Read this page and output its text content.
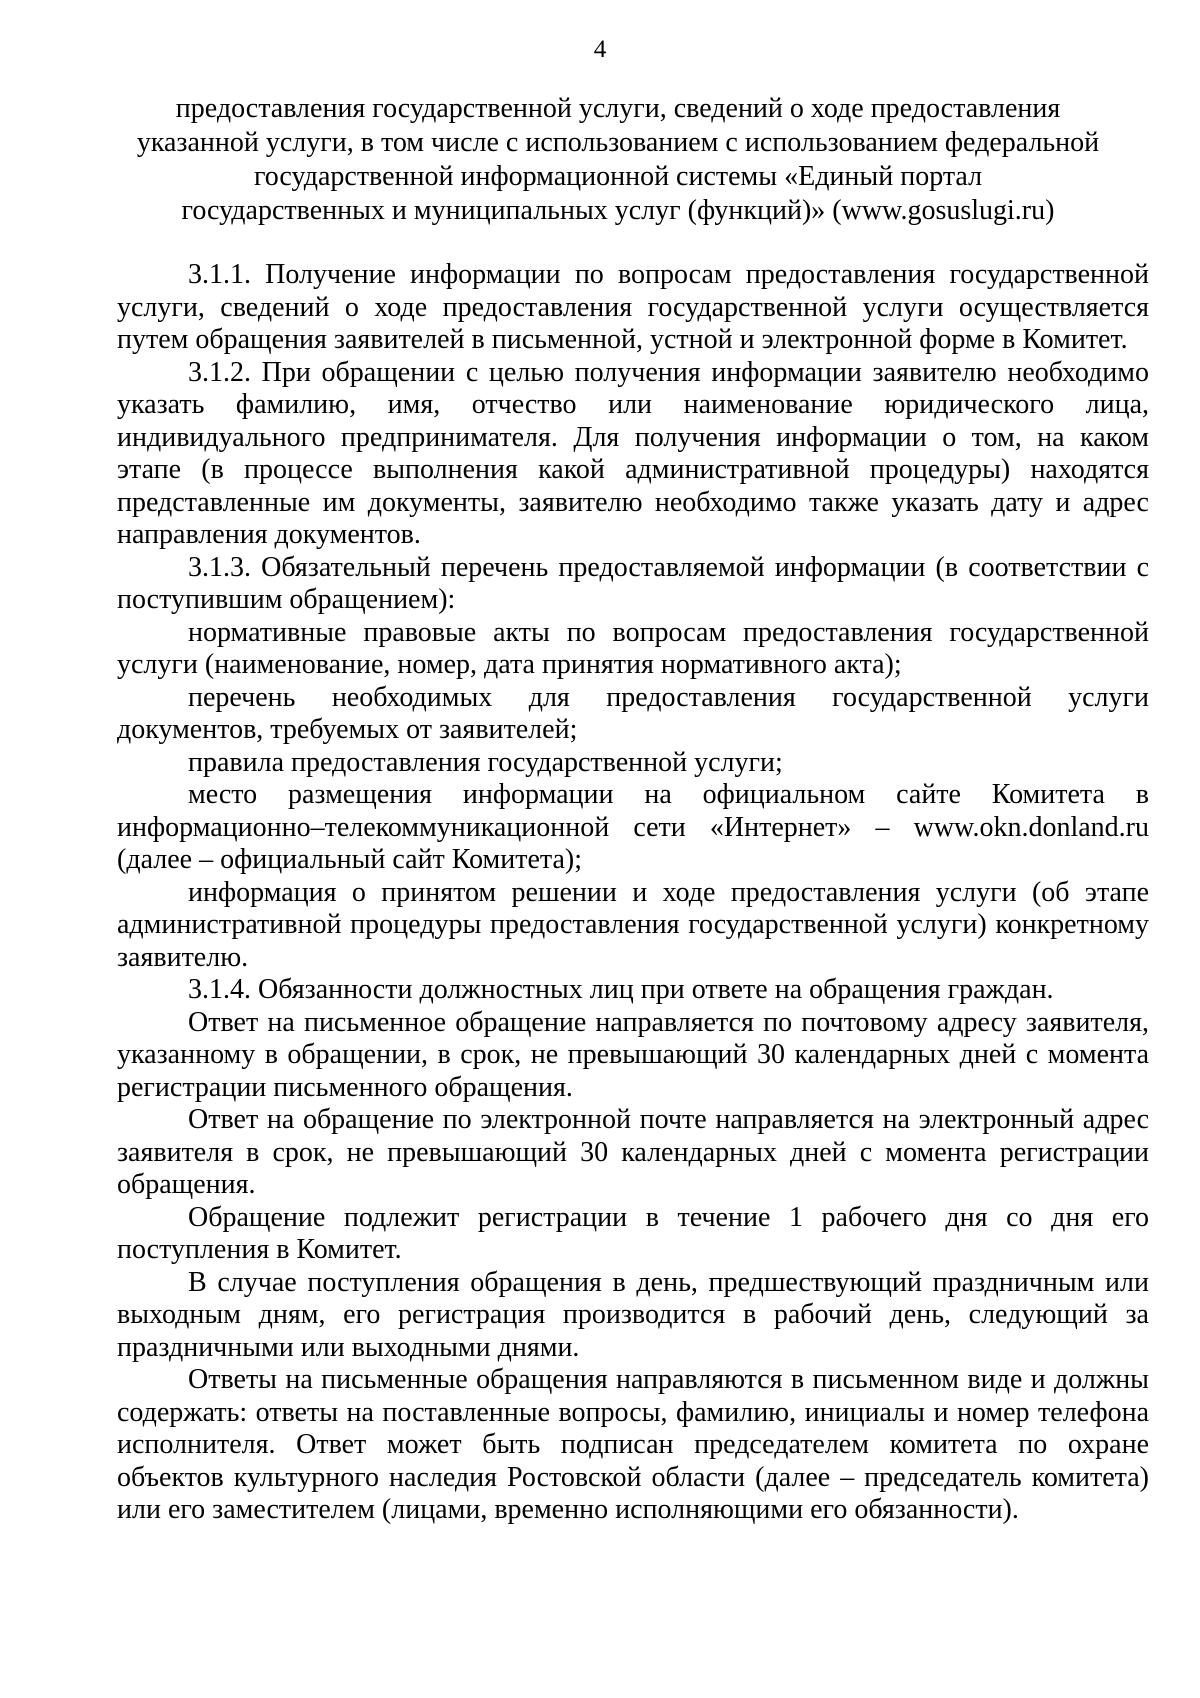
4
предоставления государственной услуги, сведений о ходе предоставления
указанной услуги, в том числе с использованием с использованием федеральной
государственной информационной системы «Единый портал
государственных и муниципальных услуг (функций)» (www.gosuslugi.ru)

3.1.1. Получение информации по вопросам предоставления государственной услуги, сведений о ходе предоставления государственной услуги осуществляется путем обращения заявителей в письменной, устной и электронной форме в Комитет.

3.1.2. При обращении с целью получения информации заявителю необходимо указать фамилию, имя, отчество или наименование юридического лица, индивидуального предпринимателя. Для получения информации о том, на каком этапе (в процессе выполнения какой административной процедуры) находятся представленные им документы, заявителю необходимо также указать дату и адрес направления документов.

3.1.3. Обязательный перечень предоставляемой информации (в соответствии с поступившим обращением):

нормативные правовые акты по вопросам предоставления государственной услуги (наименование, номер, дата принятия нормативного акта);

перечень необходимых для предоставления государственной услуги документов, требуемых от заявителей;

правила предоставления государственной услуги;

место размещения информации на официальном сайте Комитета в информационно–телекоммуникационной сети «Интернет» – www.okn.donland.ru (далее – официальный сайт Комитета);

информация о принятом решении и ходе предоставления услуги (об этапе административной процедуры предоставления государственной услуги) конкретному заявителю.

3.1.4. Обязанности должностных лиц при ответе на обращения граждан.

Ответ на письменное обращение направляется по почтовому адресу заявителя, указанному в обращении, в срок, не превышающий 30 календарных дней с момента регистрации письменного обращения.

Ответ на обращение по электронной почте направляется на электронный адрес заявителя в срок, не превышающий 30 календарных дней с момента регистрации обращения.

Обращение подлежит регистрации в течение 1 рабочего дня со дня его поступления в Комитет.

В случае поступления обращения в день, предшествующий праздничным или выходным дням, его регистрация производится в рабочий день, следующий за праздничными или выходными днями.

Ответы на письменные обращения направляются в письменном виде и должны содержать: ответы на поставленные вопросы, фамилию, инициалы и номер телефона исполнителя. Ответ может быть подписан председателем комитета по охране объектов культурного наследия Ростовской области (далее – председатель комитета) или его заместителем (лицами, временно исполняющими его обязанности).
